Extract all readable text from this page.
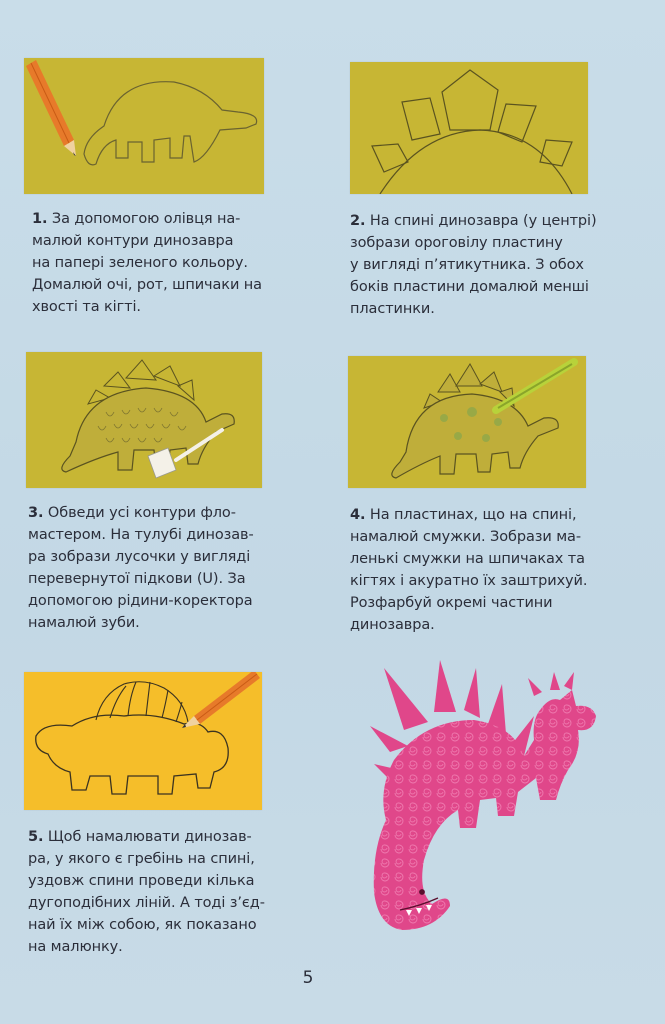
1. За допомогою олівця на-

малюй контури динозавра

на папері зеленого кольору.

Домалюй очі, рот, шпичаки на

хвості та кігті.

2. На спині динозавра (у центрі)

зобрази ороговілу пластину

у вигляді п’ятикутника. З обох

боків пластини домалюй менші

пластинки.

3. Обведи усі контури фло-

мастером. На тулубі динозав-

ра зобрази лусочки у вигляді

перевернутої підкови (U). За

допомогою рідини-коректора

намалюй зуби.

4. На пластинах, що на спині,

намалюй смужки. Зобрази ма-

ленькі смужки на шпичаках та

кігтях і акуратно їх заштрихуй.

Розфарбуй окремі частини

динозавра.

5. Щоб намалювати динозав-

ра, у якого є гребінь на спині,

уздовж спини проведи кілька

дугоподібних ліній. А тоді з’єд-

най їх між собою, як показано

на малюнку.

5
